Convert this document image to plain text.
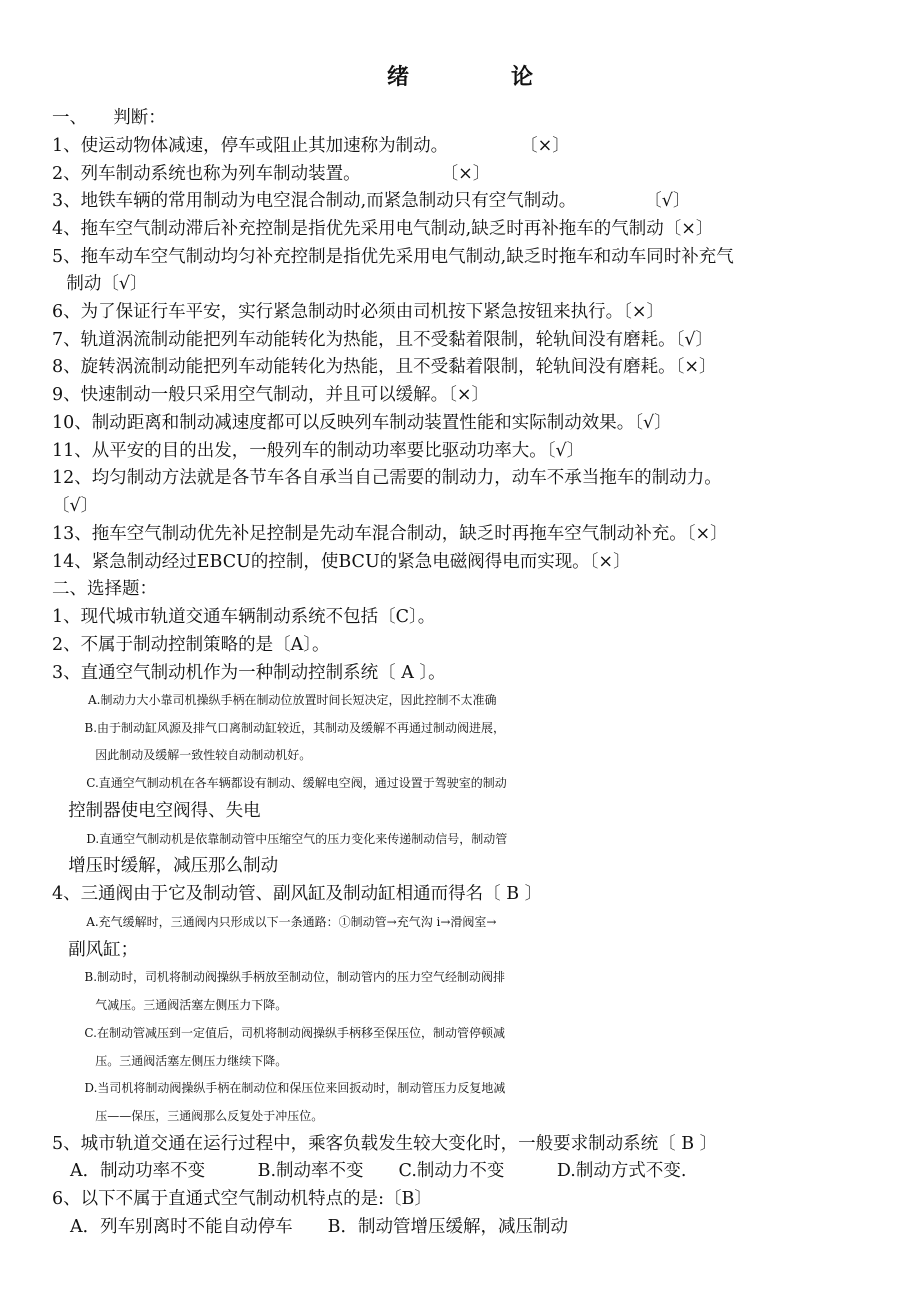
绪　论
一、　　判断：
1、使运动物体减速，停车或阻止其加速称为制动。	〔×〕
2、列车制动系统也称为列车制动装置。	〔×〕
3、地铁车辆的常用制动为电空混合制动,而紧急制动只有空气制动。	〔√〕
4、拖车空气制动滞后补充控制是指优先采用电气制动,缺乏时再补拖车的气制动〔×〕
5、拖车动车空气制动均匀补充控制是指优先采用电气制动,缺乏时拖车和动车同时补充气
制动〔√〕
6、为了保证行车平安，实行紧急制动时必须由司机按下紧急按钮来执行。〔×〕
7、轨道涡流制动能把列车动能转化为热能，且不受黏着限制，轮轨间没有磨耗。〔√〕
8、旋转涡流制动能把列车动能转化为热能，且不受黏着限制，轮轨间没有磨耗。〔×〕
9、快速制动一般只采用空气制动，并且可以缓解。〔×〕
10、制动距离和制动减速度都可以反映列车制动装置性能和实际制动效果。〔√〕
11、从平安的目的出发，一般列车的制动功率要比驱动功率大。〔√〕
12、均匀制动方法就是各节车各自承当自己需要的制动力，动车不承当拖车的制动力。
〔√〕
13、拖车空气制动优先补足控制是先动车混合制动，缺乏时再拖车空气制动补充。〔×〕
14、紧急制动经过EBCU的控制，使BCU的紧急电磁阀得电而实现。〔×〕
二、选择题：
1、现代城市轨道交通车辆制动系统不包括〔C〕。
2、不属于制动控制策略的是〔A〕。
3、直通空气制动机作为一种制动控制系统〔 A 〕。
A.制动力大小靠司机操纵手柄在制动位放置时间长短决定，因此控制不太准确
B.由于制动缸风源及排气口离制动缸较近，其制动及缓解不再通过制动阀进展，
因此制动及缓解一致性较自动制动机好。
C.直通空气制动机在各车辆都设有制动、缓解电空阀，通过设置于驾驶室的制动
控制器使电空阀得、失电
D.直通空气制动机是依靠制动管中压缩空气的压力变化来传递制动信号，制动管
增压时缓解，减压那么制动
4、三通阀由于它及制动管、副风缸及制动缸相通而得名〔 B 〕
A.充气缓解时，三通阀内只形成以下一条通路：①制动管→充气沟 i→滑阀室→
副风缸；
B.制动时，司机将制动阀操纵手柄放至制动位，制动管内的压力空气经制动阀排
气减压。三通阀活塞左侧压力下降。
C.在制动管减压到一定值后，司机将制动阀操纵手柄移至保压位，制动管停顿减
压。三通阀活塞左侧压力继续下降。
D.当司机将制动阀操纵手柄在制动位和保压位来回扳动时，制动管压力反复地减
压——保压，三通阀那么反复处于冲压位。
5、城市轨道交通在运行过程中，乘客负载发生较大变化时，一般要求制动系统〔 B 〕
A．制动功率不变　　　B.制动率不变　　C.制动力不变　　　D.制动方式不变.
6、以下不属于直通式空气制动机特点的是:〔B〕
A．列车别离时不能自动停车　　B．制动管增压缓解，减压制动
